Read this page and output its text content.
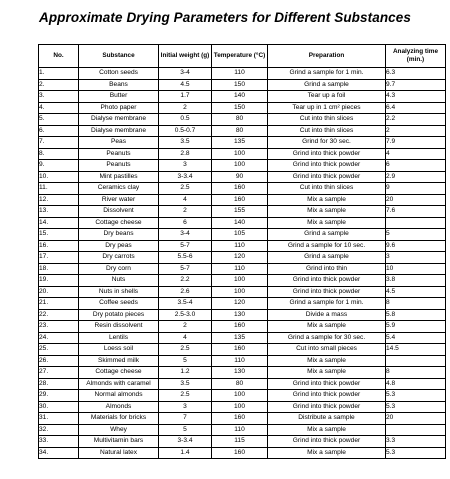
Approximate Drying Parameters for Different Substances
No.	Substance	Initial weight (g)	Temperature (°C)	Preparation	Analyzing time (min.)
1.	Cotton seeds	3-4	110	Grind a sample for 1 min.	6.3
2.	Beans	4.5	150	Grind a sample	9.7
3.	Butter	1.7	140	Tear up a foil	4.3
4.	Photo paper	2	150	Tear up in 1 cm² pieces	6.4
5.	Dialyse membrane	0.5	80	Cut into thin slices	2.2
6.	Dialyse membrane	0.5-0.7	80	Cut into thin slices	2
7.	Peas	3.5	135	Grind for 30 sec.	7.9
8.	Peanuts	2.8	100	Grind into thick powder	4
9.	Peanuts	3	100	Grind into thick powder	6
10.	Mint pastilles	3-3.4	90	Grind into thick powder	2.9
11.	Ceramics clay	2.5	160	Cut into thin slices	9
12.	River water	4	160	Mix a sample	20
13.	Dissolvent	2	155	Mix a sample	7.6
14.	Cottage cheese	6	140	Mix a sample	
15.	Dry beans	3-4	105	Grind a sample	5
16.	Dry peas	5-7	110	Grind a sample for 10 sec.	9.6
17.	Dry carrots	5.5-6	120	Grind a sample	3
18.	Dry corn	5-7	110	Grind into thin	10
19.	Nuts	2.2	100	Grind into thick powder	3.8
20.	Nuts in shells	2.6	100	Grind into thick powder	4.5
21.	Coffee seeds	3.5-4	120	Grind a sample for 1 min.	8
22.	Dry potato pieces	2.5-3.0	130	Divide a mass	5.8
23.	Resin dissolvent	2	160	Mix a sample	5.9
24.	Lentils	4	135	Grind a sample for 30 sec.	5.4
25.	Loess soil	2.5	160	Cut into small pieces	14.5
26.	Skimmed milk	5	110	Mix a sample	
27.	Cottage cheese	1.2	130	Mix a sample	8
28.	Almonds with caramel	3.5	80	Grind into thick powder	4.8
29.	Normal almonds	2.5	100	Grind into thick powder	5.3
30.	Almonds	3	100	Grind into thick powder	5.3
31.	Materials for bricks	7	160	Distribute a sample	20
32.	Whey	5	110	Mix a sample	
33.	Multivitamin bars	3-3.4	115	Grind into thick powder	3.3
34.	Natural latex	1.4	160	Mix a sample	5.3
